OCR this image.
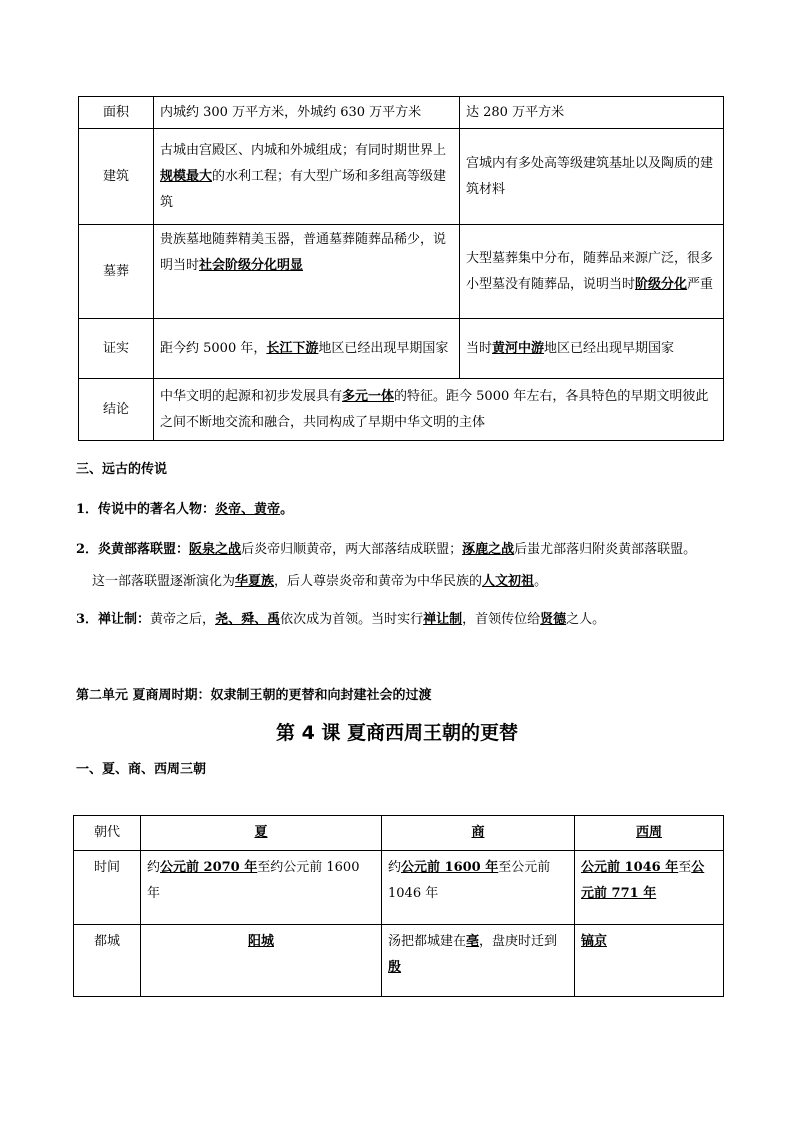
面积	内城约 300 万平方米，外城约 630 万平方米	达 280 万平方米
建筑	古城由宫殿区、内城和外城组成；有同时期世界上规模最大的水利工程；有大型广场和多组高等级建筑	宫城内有多处高等级建筑基址以及陶质的建筑材料
墓葬	贵族墓地随葬精美玉器，普通墓葬随葬品稀少，说明当时社会阶级分化明显	大型墓葬集中分布，随葬品来源广泛，很多小型墓没有随葬品，说明当时阶级分化严重
证实	距今约 5000 年，长江下游地区已经出现早期国家	当时黄河中游地区已经出现早期国家
结论	中华文明的起源和初步发展具有多元一体的特征。距今 5000 年左右，各具特色的早期文明彼此之间不断地交流和融合，共同构成了早期中华文明的主体	
三、远古的传说
1．传说中的著名人物：炎帝、黄帝。
2．炎黄部落联盟：阪泉之战后炎帝归顺黄帝，两大部落结成联盟；涿鹿之战后蚩尤部落归附炎黄部落联盟。
这一部落联盟逐渐演化为华夏族，后人尊崇炎帝和黄帝为中华民族的人文初祖。
3．禅让制：黄帝之后，尧、舜、禹依次成为首领。当时实行禅让制，首领传位给贤德之人。
第二单元 夏商周时期：奴隶制王朝的更替和向封建社会的过渡
第 4 课 夏商西周王朝的更替
一、夏、商、西周三朝
朝代	夏	商	西周
时间	约公元前 2070 年至约公元前 1600 年	约公元前 1600 年至公元前 1046 年	公元前 1046 年至公元前 771 年
都城	阳城	汤把都城建在亳，盘庚时迁到殷	镐京
